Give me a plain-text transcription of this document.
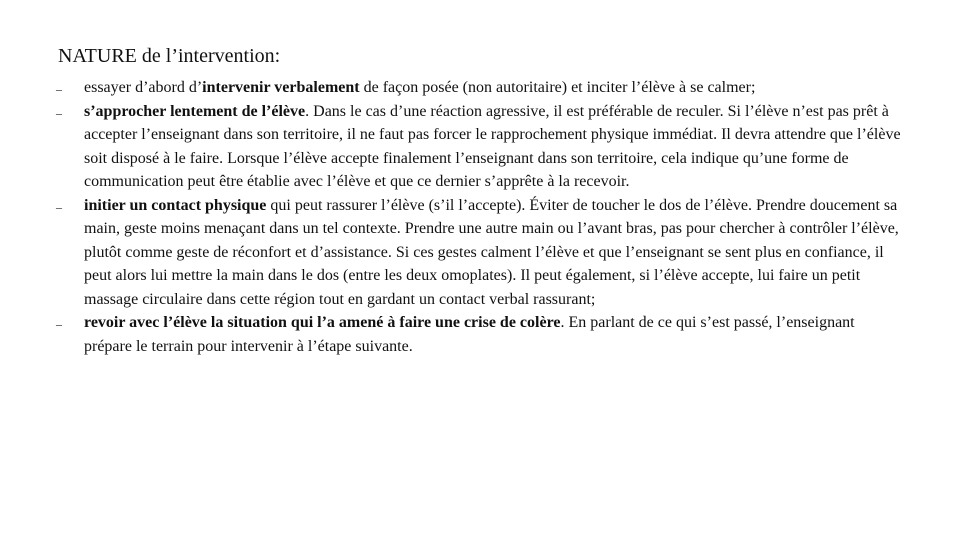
NATURE de l’intervention:
– essayer d’abord d’intervenir verbalement de façon posée (non autoritaire) et inciter l’élève à se calmer;
– s’approcher lentement de l’élève. Dans le cas d’une réaction agressive, il est préférable de reculer. Si l’élève n’est pas prêt à accepter l’enseignant dans son territoire, il ne faut pas forcer le rapprochement physique immédiat. Il devra attendre que l’élève soit disposé à le faire. Lorsque l’élève accepte finalement l’enseignant dans son territoire, cela indique qu’une forme de communication peut être établie avec l’élève et que ce dernier s’apprête à la recevoir.
– initier un contact physique qui peut rassurer l’élève (s’il l’accepte). Éviter de toucher le dos de l’élève. Prendre doucement sa main, geste moins menaçant dans un tel contexte. Prendre une autre main ou l’avant bras, pas pour chercher à contrôler l’élève, plutôt comme geste de réconfort et d’assistance. Si ces gestes calment l’élève et que l’enseignant se sent plus en confiance, il peut alors lui mettre la main dans le dos (entre les deux omoplates). Il peut également, si l’élève accepte, lui faire un petit massage circulaire dans cette région tout en gardant un contact verbal rassurant;
– revoir avec l’élève la situation qui l’a amené à faire une crise de colère. En parlant de ce qui s’est passé, l’enseignant prépare le terrain pour intervenir à l’étape suivante.
